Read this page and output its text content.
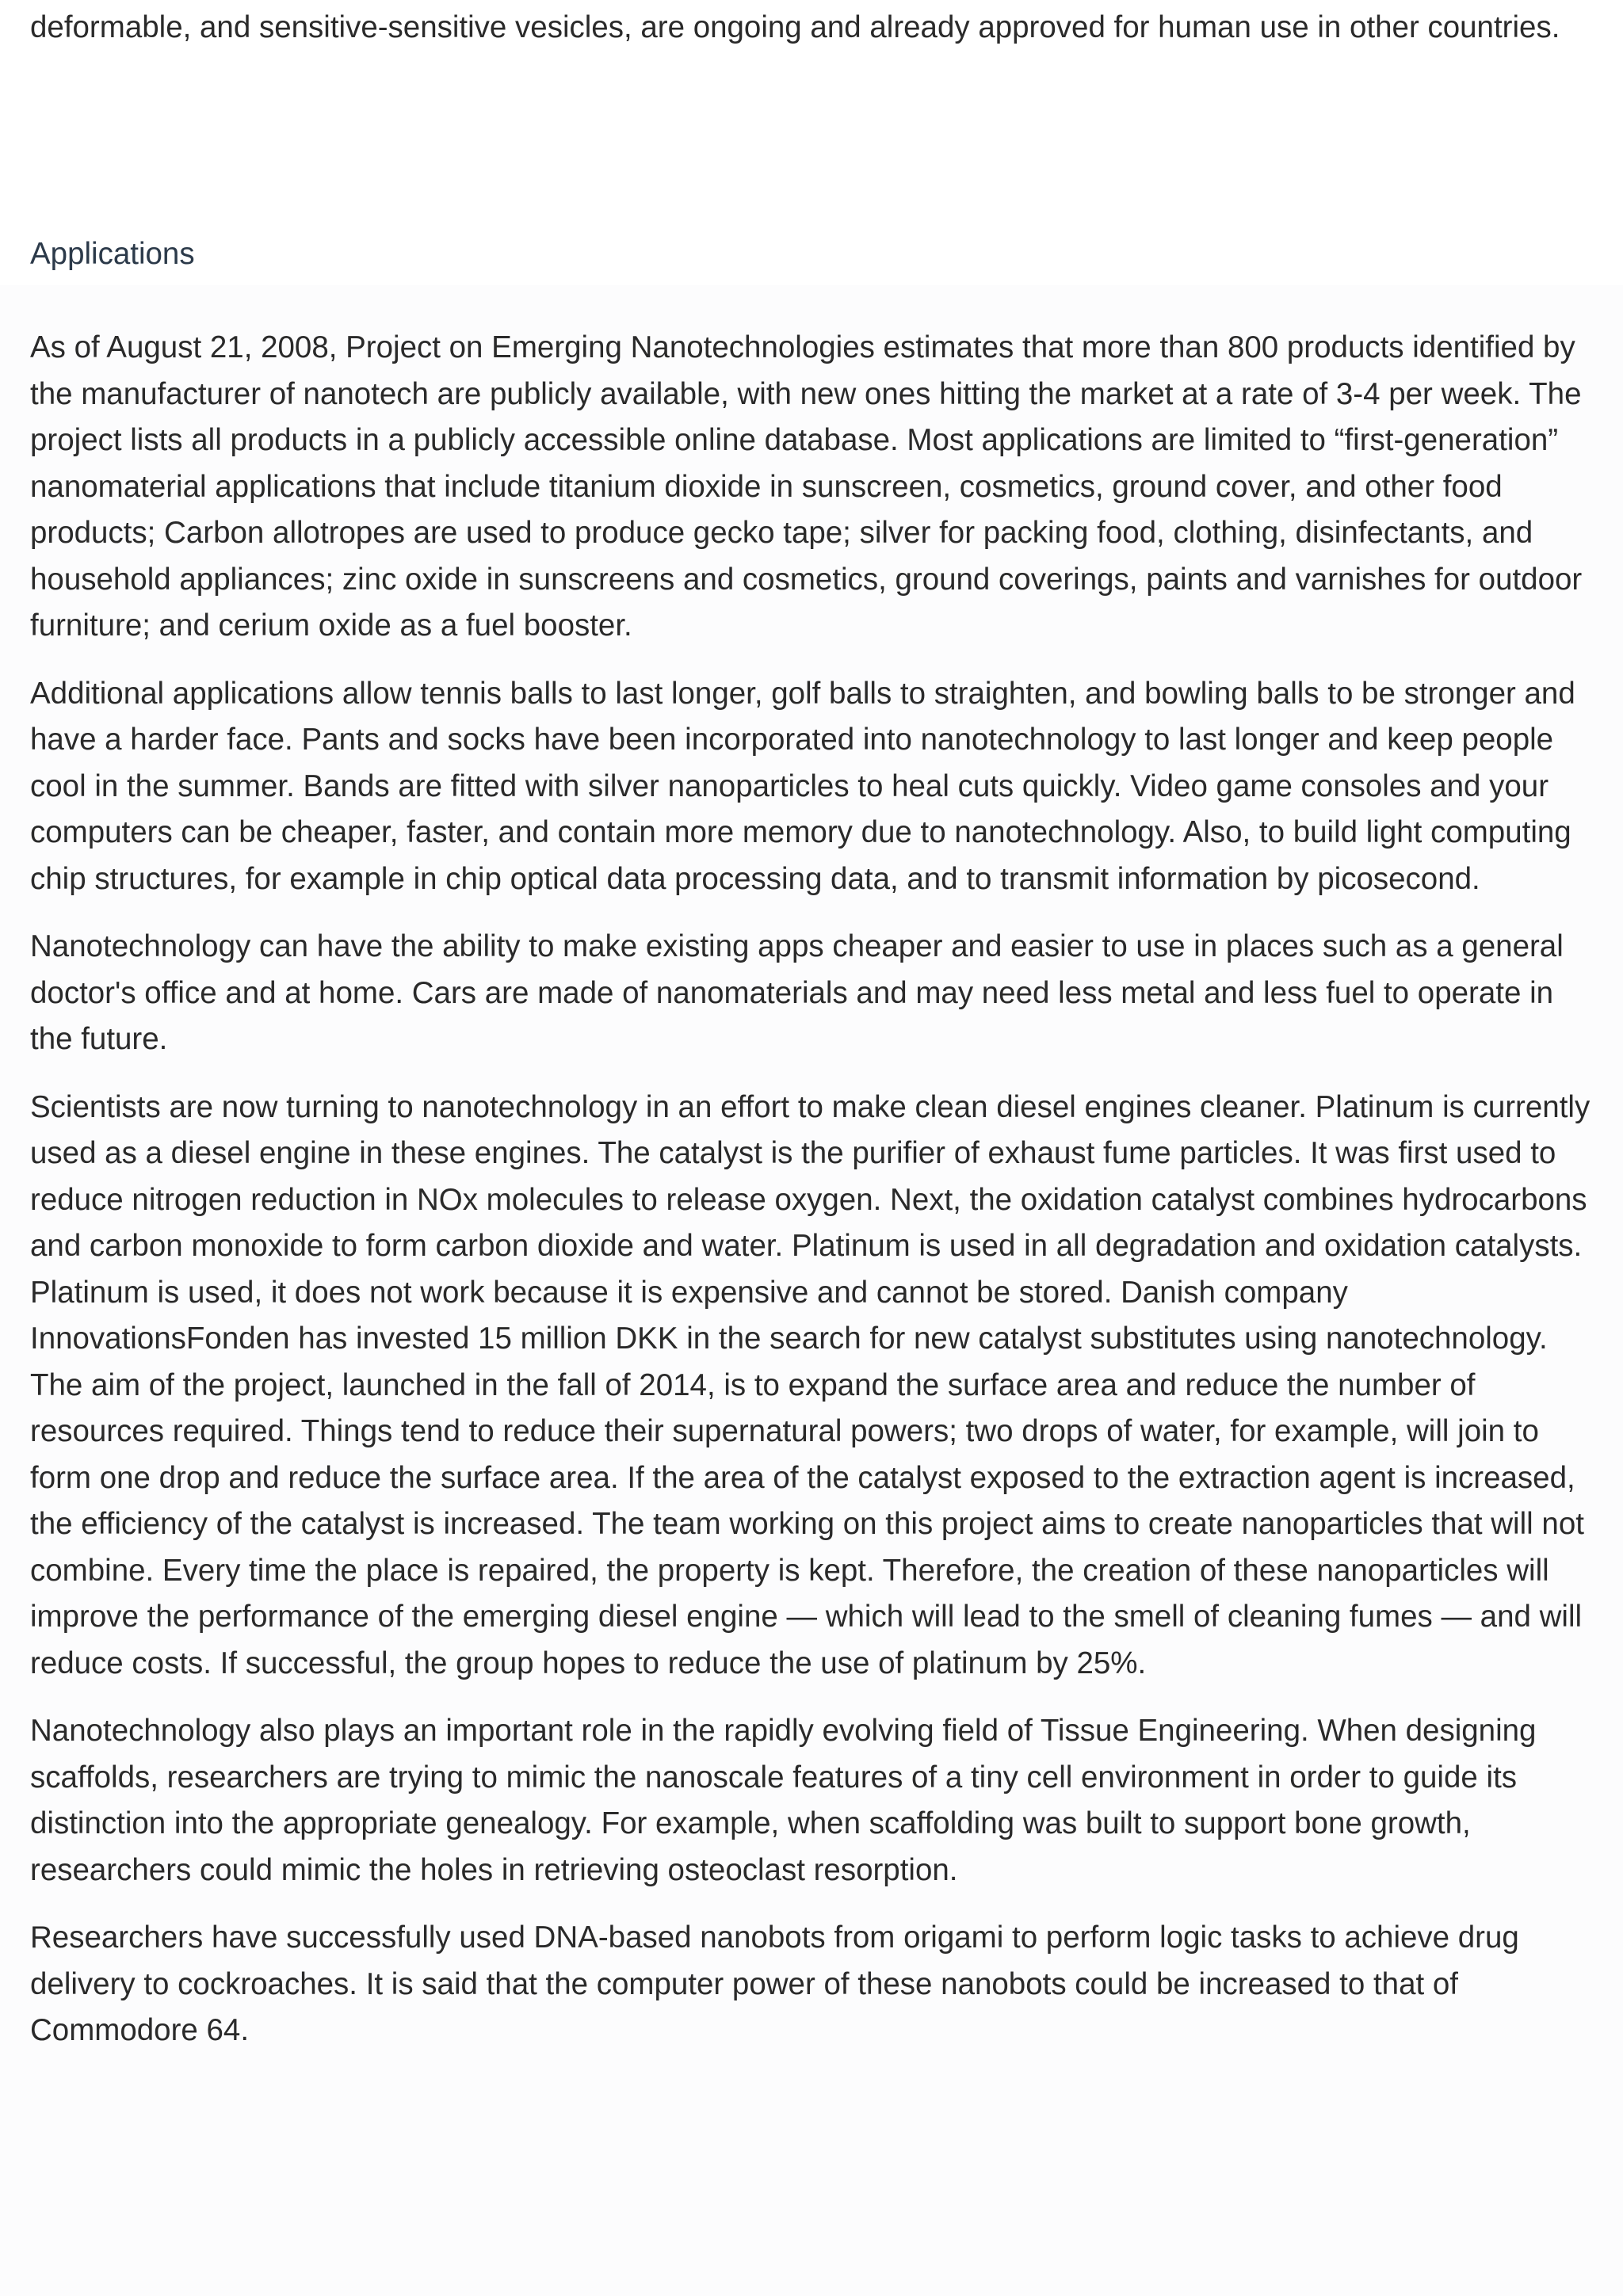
deformable, and sensitive-sensitive vesicles, are ongoing and already approved for human use in other countries.

Applications

As of August 21, 2008, Project on Emerging Nanotechnologies estimates that more than 800 products identified by the manufacturer of nanotech are publicly available, with new ones hitting the market at a rate of 3-4 per week. The project lists all products in a publicly accessible online database. Most applications are limited to “first-generation” nanomaterial applications that include titanium dioxide in sunscreen, cosmetics, ground cover, and other food products; Carbon allotropes are used to produce gecko tape; silver for packing food, clothing, disinfectants, and household appliances; zinc oxide in sunscreens and cosmetics, ground coverings, paints and varnishes for outdoor furniture; and cerium oxide as a fuel booster.

Additional applications allow tennis balls to last longer, golf balls to straighten, and bowling balls to be stronger and have a harder face. Pants and socks have been incorporated into nanotechnology to last longer and keep people cool in the summer. Bands are fitted with silver nanoparticles to heal cuts quickly. Video game consoles and your computers can be cheaper, faster, and contain more memory due to nanotechnology. Also, to build light computing chip structures, for example in chip optical data processing data, and to transmit information by picosecond.

Nanotechnology can have the ability to make existing apps cheaper and easier to use in places such as a general doctor's office and at home. Cars are made of nanomaterials and may need less metal and less fuel to operate in the future.

Scientists are now turning to nanotechnology in an effort to make clean diesel engines cleaner. Platinum is currently used as a diesel engine in these engines. The catalyst is the purifier of exhaust fume particles. It was first used to reduce nitrogen reduction in NOx molecules to release oxygen. Next, the oxidation catalyst combines hydrocarbons and carbon monoxide to form carbon dioxide and water. Platinum is used in all degradation and oxidation catalysts. Platinum is used, it does not work because it is expensive and cannot be stored. Danish company InnovationsFonden has invested 15 million DKK in the search for new catalyst substitutes using nanotechnology. The aim of the project, launched in the fall of 2014, is to expand the surface area and reduce the number of resources required. Things tend to reduce their supernatural powers; two drops of water, for example, will join to form one drop and reduce the surface area. If the area of the catalyst exposed to the extraction agent is increased, the efficiency of the catalyst is increased. The team working on this project aims to create nanoparticles that will not combine. Every time the place is repaired, the property is kept. Therefore, the creation of these nanoparticles will improve the performance of the emerging diesel engine — which will lead to the smell of cleaning fumes — and will reduce costs. If successful, the group hopes to reduce the use of platinum by 25%.

Nanotechnology also plays an important role in the rapidly evolving field of Tissue Engineering. When designing scaffolds, researchers are trying to mimic the nanoscale features of a tiny cell environment in order to guide its distinction into the appropriate genealogy. For example, when scaffolding was built to support bone growth, researchers could mimic the holes in retrieving osteoclast resorption.

Researchers have successfully used DNA-based nanobots from origami to perform logic tasks to achieve drug delivery to cockroaches. It is said that the computer power of these nanobots could be increased to that of Commodore 64.
